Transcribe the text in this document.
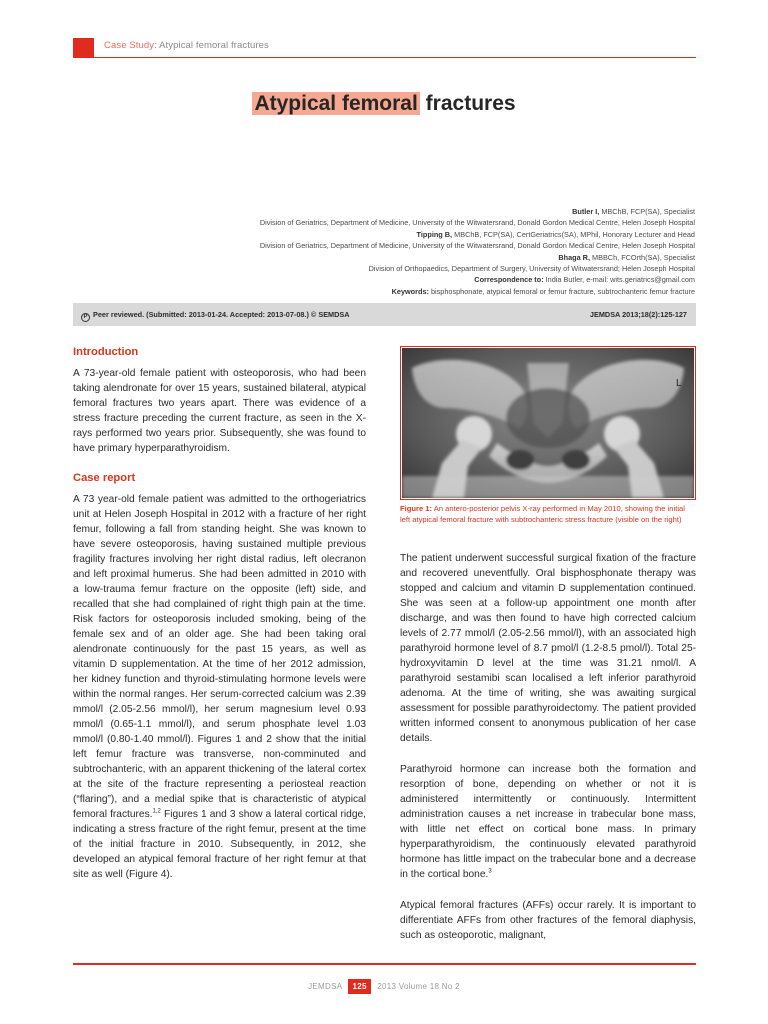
Case Study: Atypical femoral fractures
Atypical femoral fractures
Butler I, MBChB, FCP(SA), Specialist
Division of Geriatrics, Department of Medicine, University of the Witwatersrand, Donald Gordon Medical Centre, Helen Joseph Hospital
Tipping B, MBChB, FCP(SA), CertGeriatrics(SA), MPhil, Honorary Lecturer and Head
Division of Geriatrics, Department of Medicine, University of the Witwatersrand, Donald Gordon Medical Centre, Helen Joseph Hospital
Bhaga R, MBBCh, FCOrth(SA), Specialist
Division of Orthopaedics, Department of Surgery, University of Witwatersrand; Helen Joseph Hospital
Correspondence to: India Butler, e-mail: wits.geriatrics@gmail.com
Keywords: bisphosphonate, atypical femoral or femur fracture, subtrochanteric femur fracture
P Peer reviewed. (Submitted: 2013-01-24. Accepted: 2013-07-08.) © SEMDSA	JEMDSA 2013;18(2):125-127
Introduction

A 73-year-old female patient with osteoporosis, who had been taking alendronate for over 15 years, sustained bilateral, atypical femoral fractures two years apart. There was evidence of a stress fracture preceding the current fracture, as seen in the X-rays performed two years prior. Subsequently, she was found to have primary hyperparathyroidism.

Case report

A 73 year-old female patient was admitted to the orthogeriatrics unit at Helen Joseph Hospital in 2012 with a fracture of her right femur, following a fall from standing height. She was known to have severe osteoporosis, having sustained multiple previous fragility fractures involving her right distal radius, left olecranon and left proximal humerus. She had been admitted in 2010 with a low-trauma femur fracture on the opposite (left) side, and recalled that she had complained of right thigh pain at the time. Risk factors for osteoporosis included smoking, being of the female sex and of an older age. She had been taking oral alendronate continuously for the past 15 years, as well as vitamin D supplementation. At the time of her 2012 admission, her kidney function and thyroid-stimulating hormone levels were within the normal ranges. Her serum-corrected calcium was 2.39 mmol/l (2.05-2.56 mmol/l), her serum magnesium level 0.93 mmol/l (0.65-1.1 mmol/l), and serum phosphate level 1.03 mmol/l (0.80-1.40 mmol/l). Figures 1 and 2 show that the initial left femur fracture was transverse, non-comminuted and subtrochanteric, with an apparent thickening of the lateral cortex at the site of the fracture representing a periosteal reaction (“flaring”), and a medial spike that is characteristic of atypical femoral fractures.$^{1,2}$ Figures 1 and 3 show a lateral cortical ridge, indicating a stress fracture of the right femur, present at the time of the initial fracture in 2010. Subsequently, in 2012, she developed an atypical femoral fracture of her right femur at that site as well (Figure 4).

L
Figure 1: An antero-posterior pelvis X-ray performed in May 2010, showing the initial left atypical femoral fracture with subtrochanteric stress fracture (visible on the right)

The patient underwent successful surgical fixation of the fracture and recovered uneventfully. Oral bisphosphonate therapy was stopped and calcium and vitamin D supplementation continued. She was seen at a follow-up appointment one month after discharge, and was then found to have high corrected calcium levels of 2.77 mmol/l (2.05-2.56 mmol/l), with an associated high parathyroid hormone level of 8.7 pmol/l (1.2-8.5 pmol/l). Total 25-hydroxyvitamin D level at the time was 31.21 nmol/l. A parathyroid sestamibi scan localised a left inferior parathyroid adenoma. At the time of writing, she was awaiting surgical assessment for possible parathyroidectomy. The patient provided written informed consent to anonymous publication of her case details.

Parathyroid hormone can increase both the formation and resorption of bone, depending on whether or not it is administered intermittently or continuously. Intermittent administration causes a net increase in trabecular bone mass, with little net effect on cortical bone mass. In primary hyperparathyroidism, the continuously elevated parathyroid hormone has little impact on the trabecular bone and a decrease in the cortical bone.$^3$

Atypical femoral fractures (AFFs) occur rarely. It is important to differentiate AFFs from other fractures of the femoral diaphysis, such as osteoporotic, malignant,

JEMDSA 125 2013 Volume 18 No 2
